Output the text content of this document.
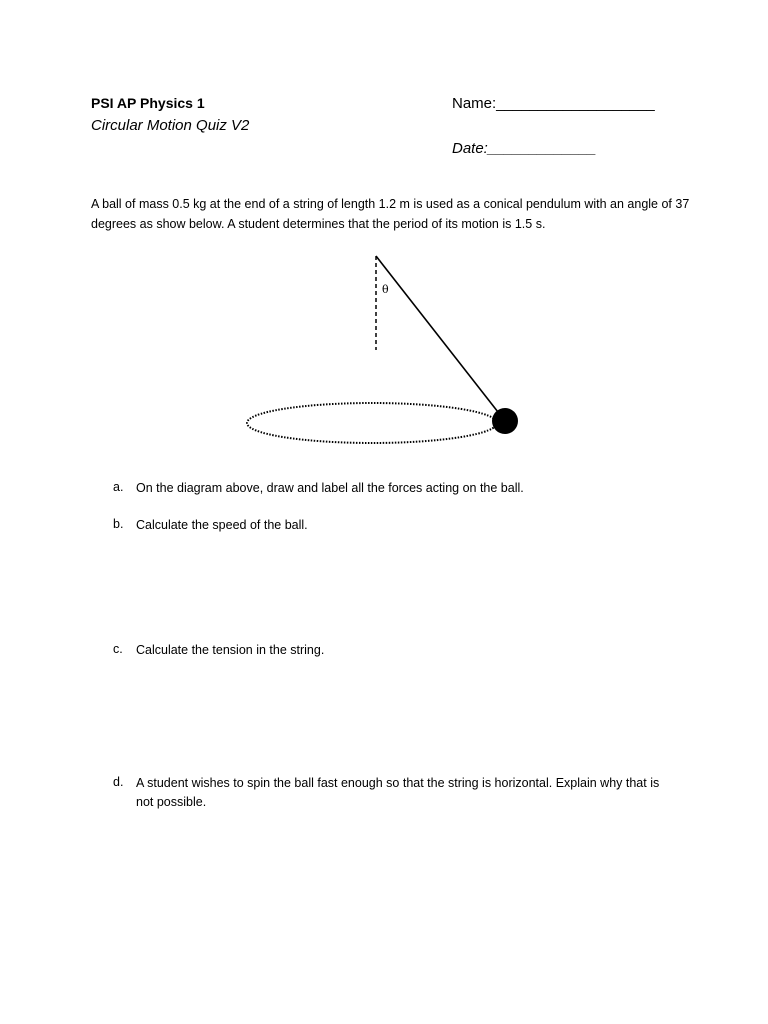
PSI AP Physics 1

Circular Motion Quiz V2

Name:___________________

Date:_____________

A ball of mass 0.5 kg at the end of a string of length 1.2 m is used as a conical pendulum with an angle of 37 degrees as show below. A student determines that the period of its motion is 1.5 s.

θ
a. On the diagram above, draw and label all the forces acting on the ball.
b. Calculate the speed of the ball.
c. Calculate the tension in the string.
d. A student wishes to spin the ball fast enough so that the string is horizontal. Explain why that is not possible.
